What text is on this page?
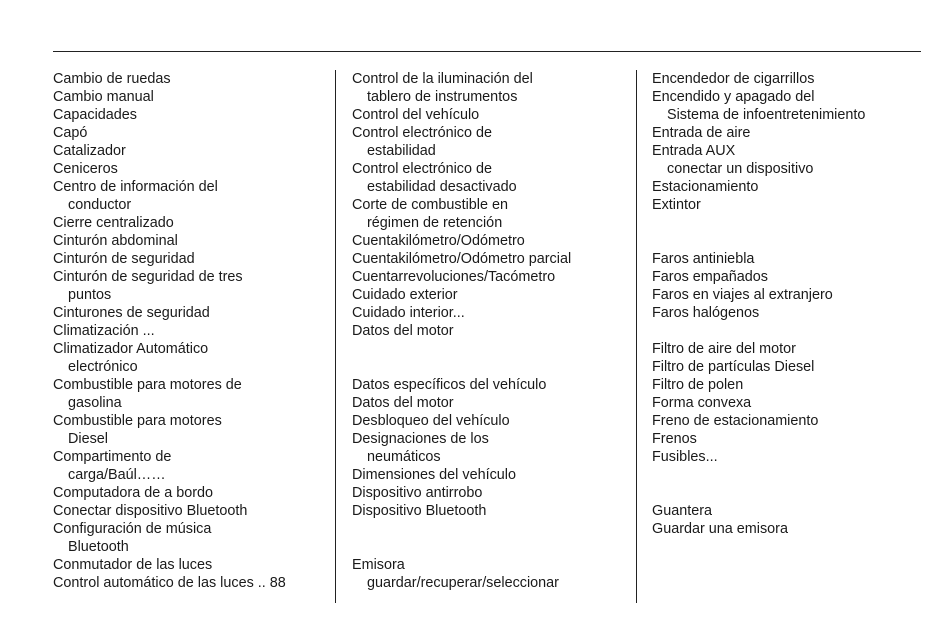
Cambio de ruedas
Cambio manual
Capacidades
Capó
Catalizador
Ceniceros
Centro de información del
conductor
Cierre centralizado
Cinturón abdominal
Cinturón de seguridad
Cinturón de seguridad de tres
puntos
Cinturones de seguridad
Climatización ...
Climatizador Automático
electrónico
Combustible para motores de
gasolina
Combustible para motores
Diesel
Compartimento de
carga/Baúl……
Computadora de a bordo
Conectar dispositivo Bluetooth
Configuración de música
Bluetooth
Conmutador de las luces
Control automático de las luces .. 88
Control de la iluminación del
tablero de instrumentos
Control del vehículo
Control electrónico de
estabilidad
Control electrónico de
estabilidad desactivado
Corte de combustible en
régimen de retención
Cuentakilómetro/Odómetro
Cuentakilómetro/Odómetro parcial
Cuentarrevoluciones/Tacómetro
Cuidado exterior
Cuidado interior...
Datos del motor
Datos específicos del vehículo
Datos del motor
Desbloqueo del vehículo
Designaciones de los
neumáticos
Dimensiones del vehículo
Dispositivo antirrobo
Dispositivo Bluetooth
Emisora
guardar/recuperar/seleccionar
Encendedor de cigarrillos
Encendido y apagado del
Sistema de infoentretenimiento
Entrada de aire
Entrada AUX
conectar un dispositivo
Estacionamiento
Extintor
Faros antiniebla
Faros empañados
Faros en viajes al extranjero
Faros halógenos
Filtro de aire del motor
Filtro de partículas Diesel
Filtro de polen
Forma convexa
Freno de estacionamiento
Frenos
Fusibles...
Guantera
Guardar una emisora
